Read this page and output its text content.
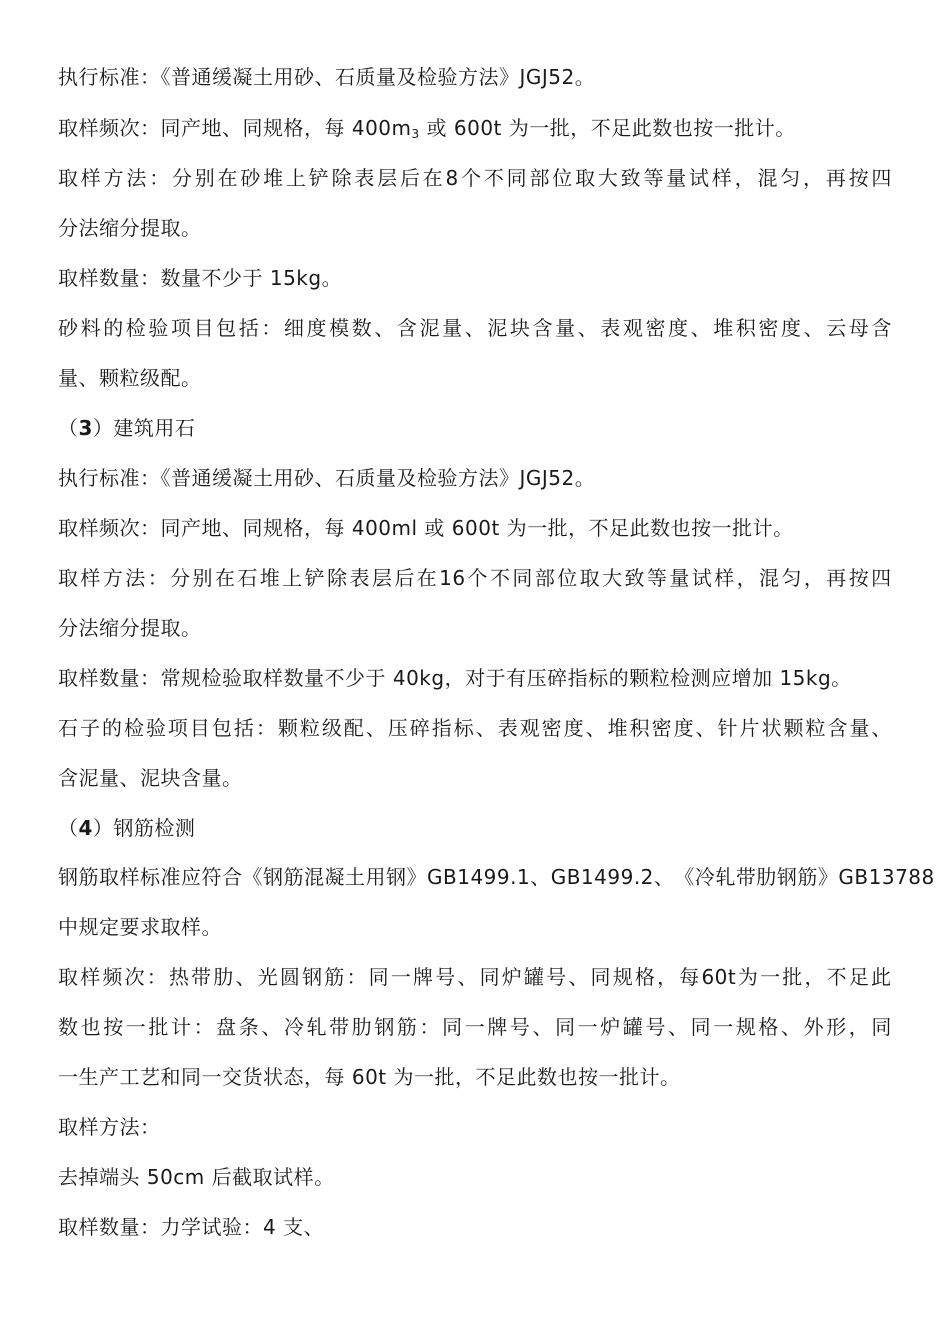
执行标准：《普通缓凝土用砂、石质量及检验方法》JGJ52。
取样频次：同产地、同规格，每 $400m_3$ 或 600t 为一批，不足此数也按一批计。
取 样 方 法 ： 分 别 在 砂 堆 上 铲 除 表 层 后 在 8 个 不 同 部 位 取 大 致 等 量 试 样 ， 混 匀 ， 再 按 四
分法缩分提取。
取样数量：数量不少于 15kg。
砂 料 的 检 验 项 目 包 括 ： 细 度 模 数 、 含 泥 量 、 泥 块 含 量 、 表 观 密 度 、 堆 积 密 度 、 云 母 含
量、颗粒级配。
（3）建筑用石
执行标准：《普通缓凝土用砂、石质量及检验方法》JGJ52。
取样频次：同产地、同规格，每 400ml 或 600t 为一批，不足此数也按一批计。
取 样 方 法 ： 分 别 在 石 堆 上 铲 除 表 层 后 在 16 个 不 同 部 位 取 大 致 等 量 试 样 ， 混 匀 ， 再 按 四
分法缩分提取。
取样数量：常规检验取样数量不少于 40kg，对于有压碎指标的颗粒检测应增加 15kg。
石 子 的 检 验 项 目 包 括 ： 颗 粒 级 配 、 压 碎 指 标 、 表 观 密 度 、 堆 积 密 度 、 针 片 状 颗 粒 含 量 、
含泥量、泥块含量。
（4）钢筋检测
钢 筋 取 样 标 准 应 符 合 《 钢 筋 混 凝 土 用 钢 》 GB1499.1 、 GB1499.2 、 《 冷 轧 带 肋 钢 筋 》 GB13788
中规定要求取样。
取 样 频 次 ： 热 带 肋 、 光 圆 钢 筋 ： 同 一 牌 号 、 同 炉 罐 号 、 同 规 格 ， 每 60t 为 一 批 ， 不 足 此
数 也 按 一 批 计 ： 盘 条 、 冷 轧 带 肋 钢 筋 ： 同 一 牌 号 、 同 一 炉 罐 号 、 同 一 规 格 、 外 形 ， 同
一生产工艺和同一交货状态，每 60t 为一批，不足此数也按一批计。
取样方法：
去掉端头 50cm 后截取试样。
取样数量：力学试验：4 支、
